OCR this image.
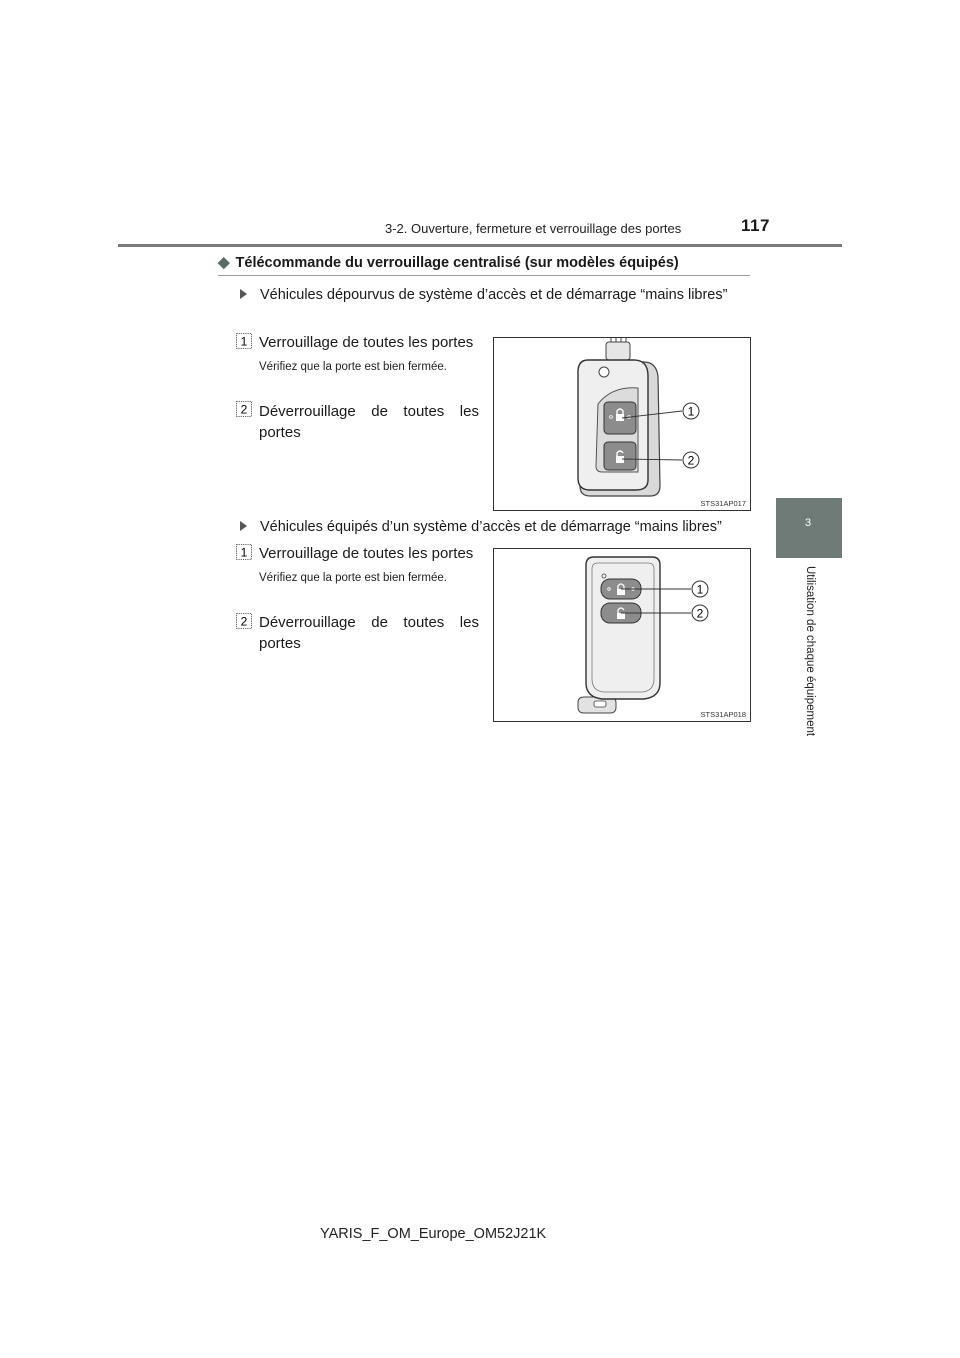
3-2. Ouverture, fermeture et verrouillage des portes	117
3
Utilisation de chaque équipement
◆ Télécommande du verrouillage centralisé (sur modèles équipés)
Véhicules dépourvus de système d’accès et de démarrage “mains libres”
1 Verrouillage de toutes les portes
Vérifiez que la porte est bien fermée.
2 Déverrouillage de toutes les portes
1
2
STS31AP017
Véhicules équipés d’un système d’accès et de démarrage “mains libres”
1 Verrouillage de toutes les portes
Vérifiez que la porte est bien fermée.
2 Déverrouillage de toutes les portes
1
2
STS31AP018
YARIS_F_OM_Europe_OM52J21K
